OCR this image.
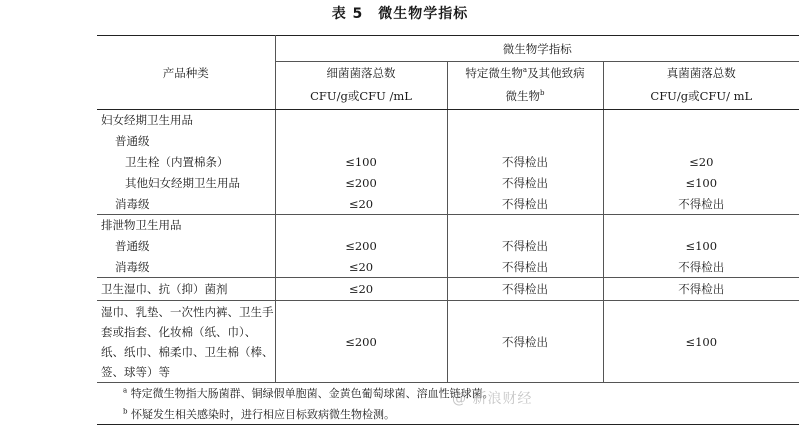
表 5　微生物学指标
产品种类	微生物学指标		
	细菌菌落总数	特定微生物$^a$及其他致病	真菌菌落总数
	CFU/g或CFU /mL	微生物$^b$	CFU/g或CFU/ mL
妇女经期卫生用品			
普通级			
卫生栓（内置棉条）	≤100	不得检出	≤20
其他妇女经期卫生用品	≤200	不得检出	≤100
消毒级	≤20	不得检出	不得检出
排泄物卫生用品			
普通级	≤200	不得检出	≤100
消毒级	≤20	不得检出	不得检出
卫生湿巾、抗（抑）菌剂	≤20	不得检出	不得检出

湿巾、乳垫、一次性内裤、卫生手
套或指套、化妆棉（纸、巾）、
纸、纸巾、棉柔巾、卫生棉（棒、
签、球等）等	≤200	不得检出	≤100
$^a$ 特定微生物指大肠菌群、铜绿假单胞菌、金黄色葡萄球菌、溶血性链球菌。			
$^b$ 怀疑发生相关感染时，进行相应目标致病微生物检测。			
@ 新浪财经
